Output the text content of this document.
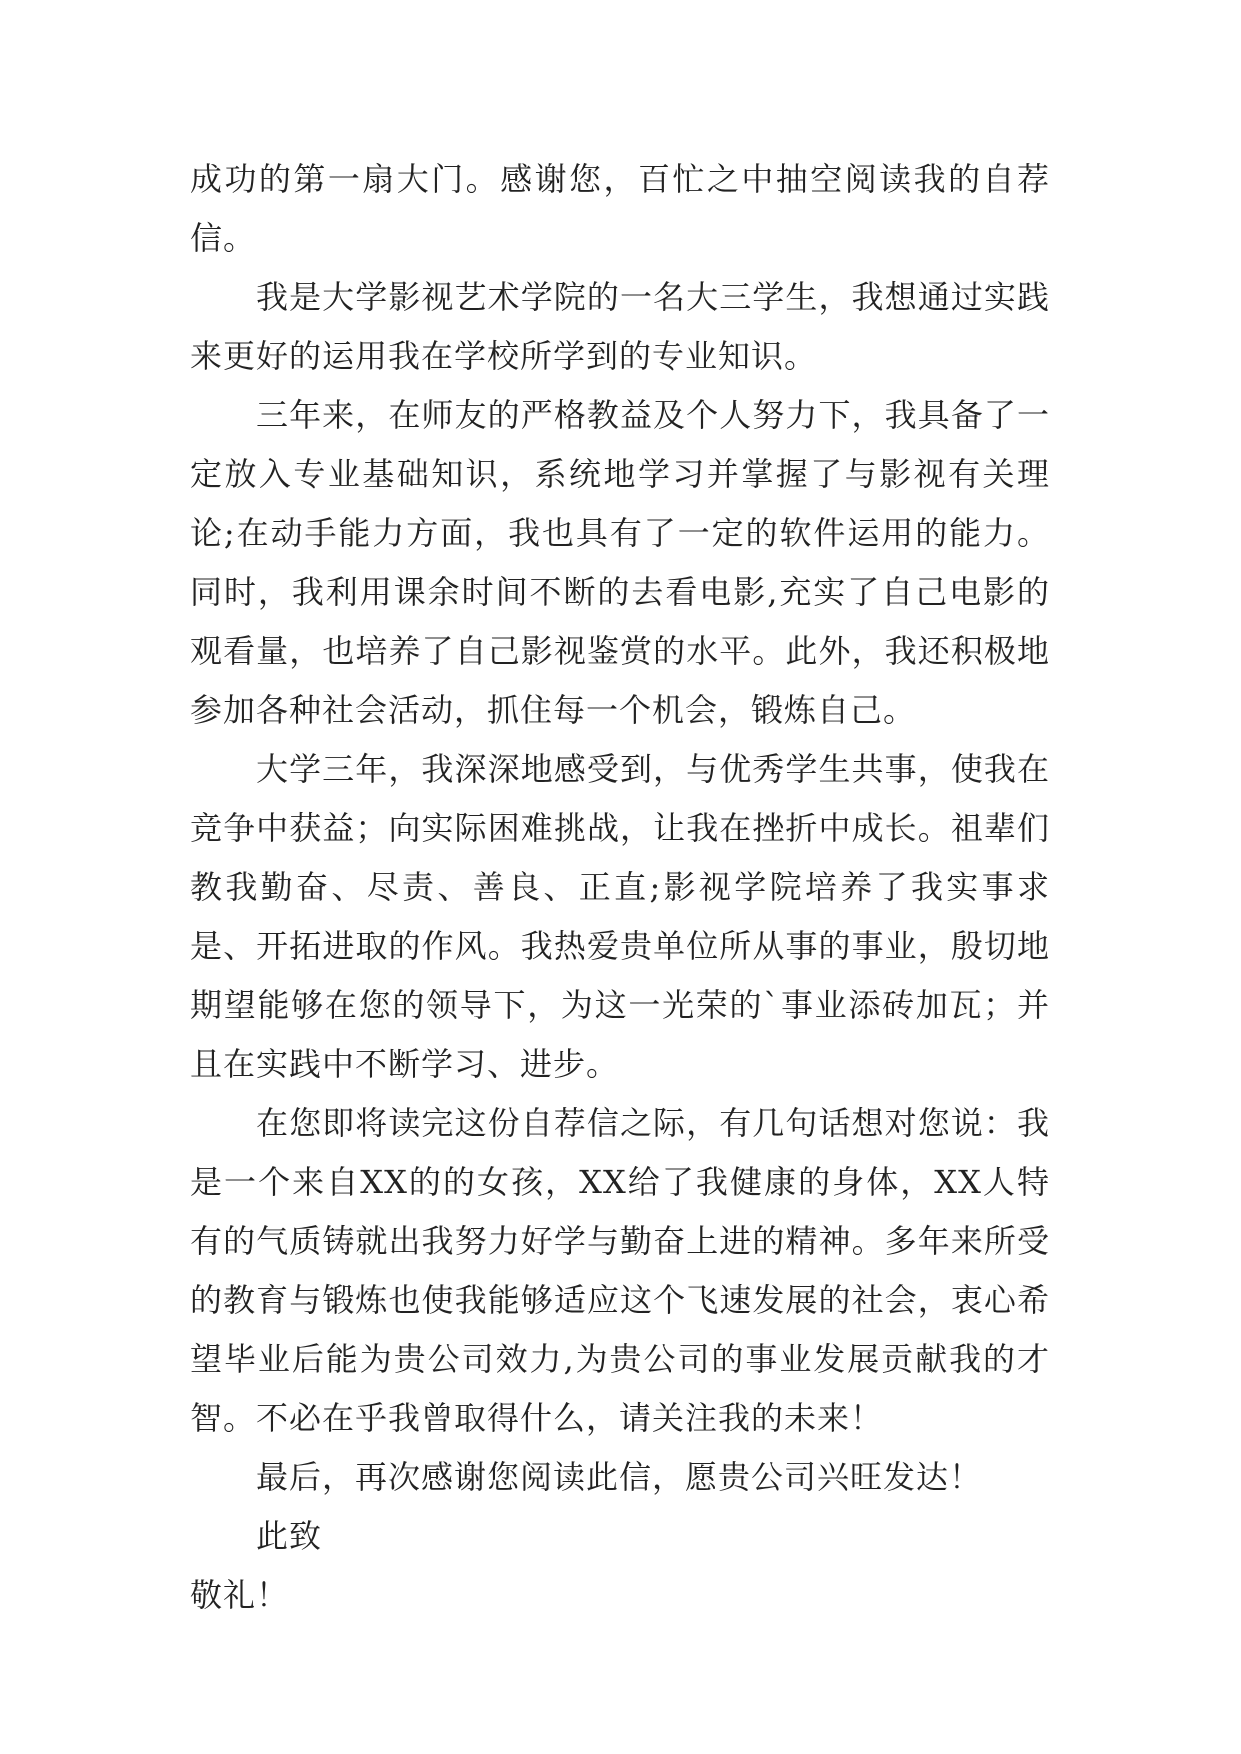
成功的第一扇大门。感谢您，百忙之中抽空阅读我的自荐信。

我是大学影视艺术学院的一名大三学生，我想通过实践来更好的运用我在学校所学到的专业知识。

三年来，在师友的严格教益及个人努力下，我具备了一定放入专业基础知识，系统地学习并掌握了与影视有关理论;在动手能力方面，我也具有了一定的软件运用的能力。同时，我利用课余时间不断的去看电影,充实了自己电影的观看量，也培养了自己影视鉴赏的水平。此外，我还积极地参加各种社会活动，抓住每一个机会，锻炼自己。

大学三年，我深深地感受到，与优秀学生共事，使我在竞争中获益；向实际困难挑战，让我在挫折中成长。祖辈们教我勤奋、尽责、善良、正直;影视学院培养了我实事求是、开拓进取的作风。我热爱贵单位所从事的事业，殷切地期望能够在您的领导下，为这一光荣的`事业添砖加瓦；并且在实践中不断学习、进步。

在您即将读完这份自荐信之际，有几句话想对您说：我是一个来自XX的的女孩，XX给了我健康的身体，XX人特有的气质铸就出我努力好学与勤奋上进的精神。多年来所受的教育与锻炼也使我能够适应这个飞速发展的社会，衷心希望毕业后能为贵公司效力,为贵公司的事业发展贡献我的才智。不必在乎我曾取得什么，请关注我的未来！

最后，再次感谢您阅读此信，愿贵公司兴旺发达！

此致

敬礼！
